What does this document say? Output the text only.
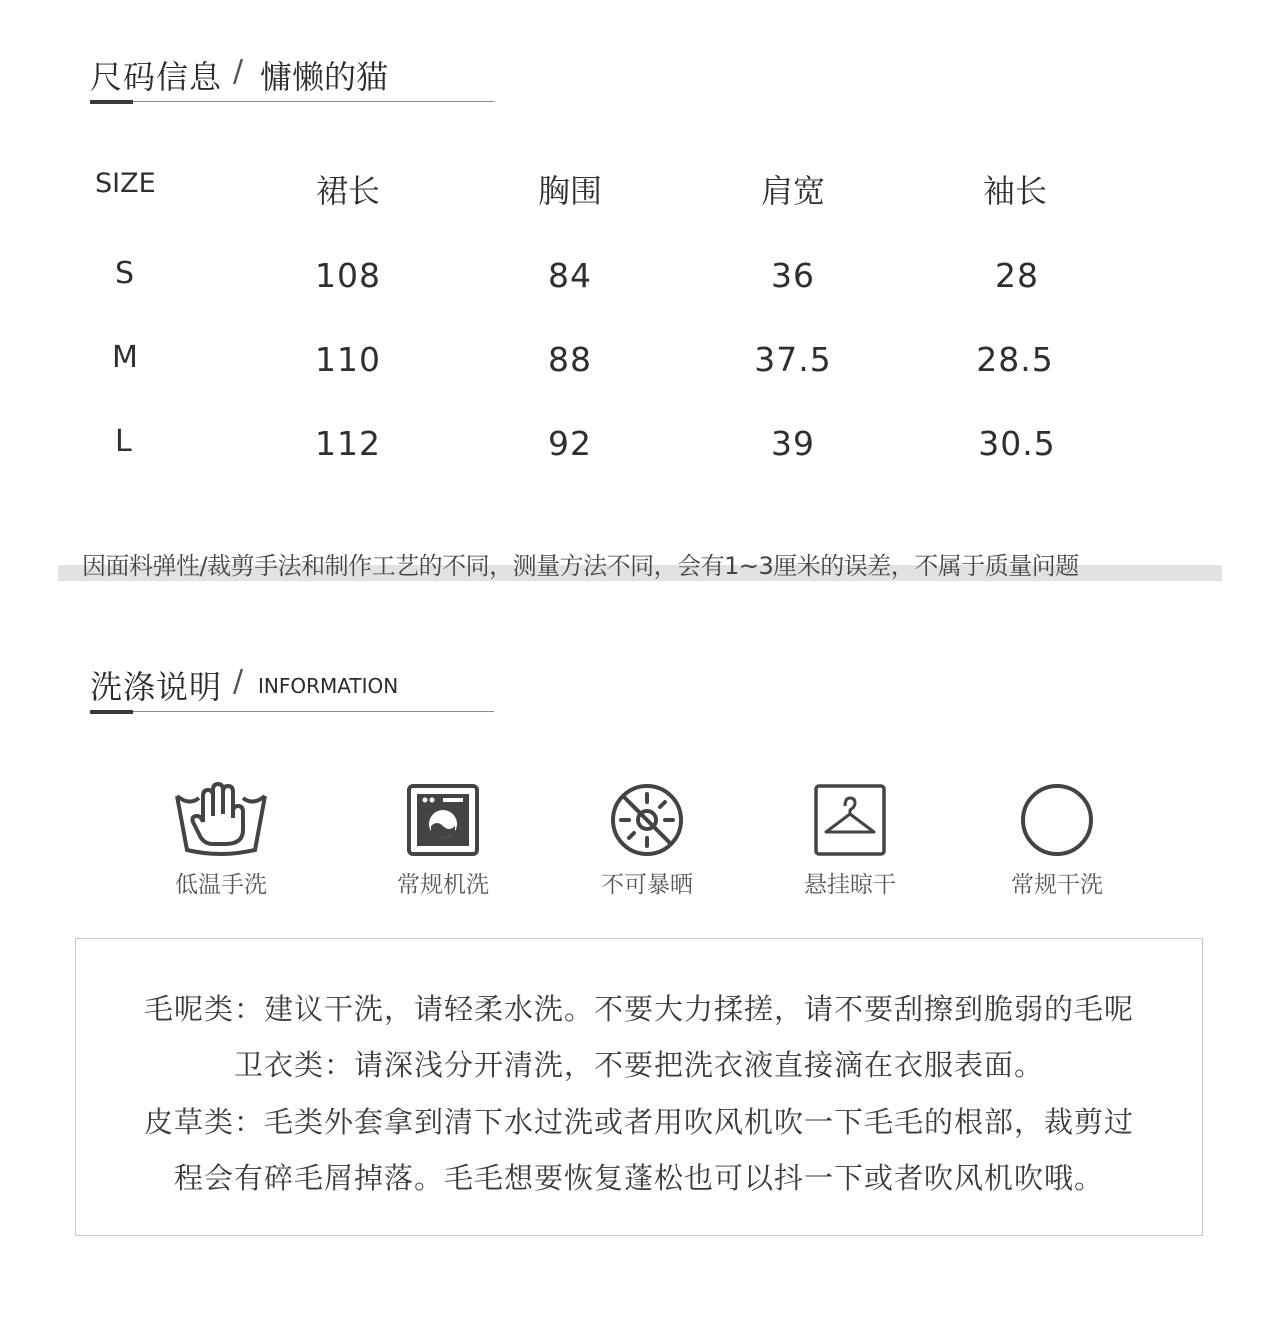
尺码信息 / 慵懒的猫
SIZE	裙长	胸围	肩宽	袖长
S	108	84	36	28
M	110	88	37.5	28.5
L	112	92	39	30.5
因面料弹性/裁剪手法和制作工艺的不同，测量方法不同，会有1~3厘米的误差，不属于质量问题
洗涤说明 / INFORMATION
低温手洗	常规机洗	不可暴晒	悬挂晾干	常规干洗
毛呢类：建议干洗，请轻柔水洗。不要大力揉搓，请不要刮擦到脆弱的毛呢
卫衣类：请深浅分开清洗，不要把洗衣液直接滴在衣服表面。
皮草类：毛类外套拿到清下水过洗或者用吹风机吹一下毛毛的根部，裁剪过
程会有碎毛屑掉落。毛毛想要恢复蓬松也可以抖一下或者吹风机吹哦。
